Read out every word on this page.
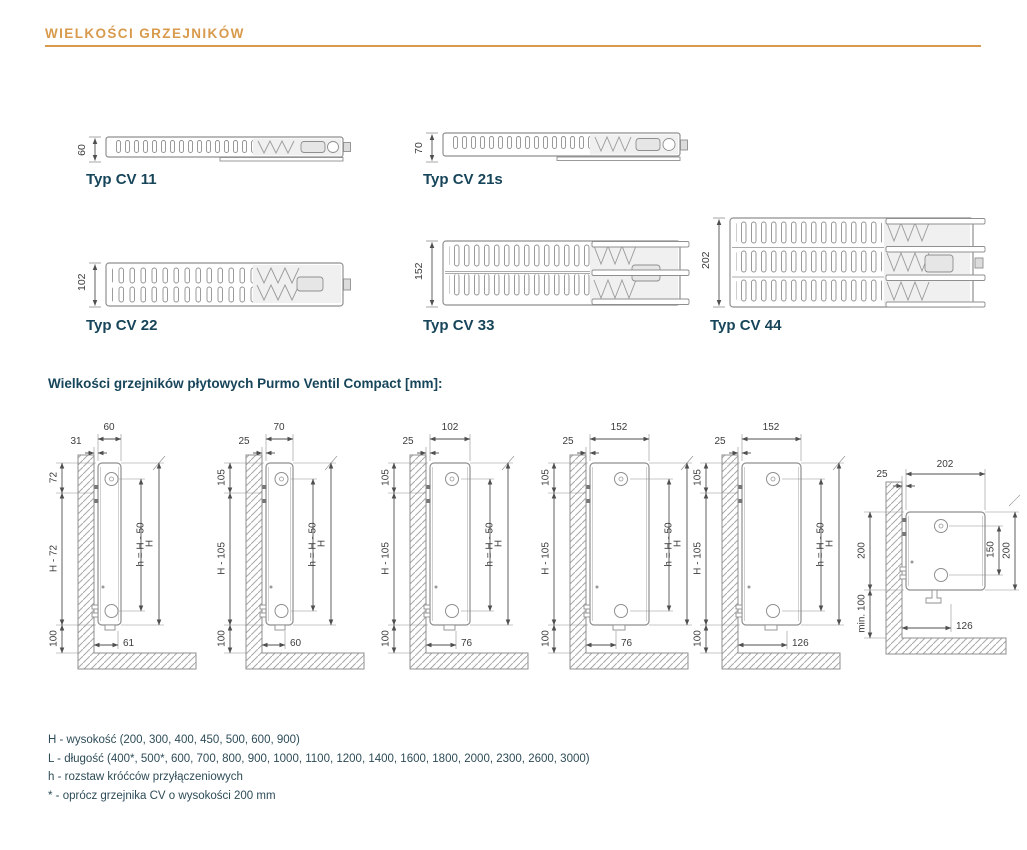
WIELKOŚCI GRZEJNIKÓW
60
Typ CV 11
70
Typ CV 21s
102
Typ CV 22
152
Typ CV 33
202
Typ CV 44
Wielkości grzejników płytowych Purmo Ventil Compact [mm]:
60
31
72
H - 72
100
h = H - 50
H
61
70
25
105
H - 105
100
h = H - 50
H
60
102
25
105
H - 105
100
h = H - 50
H
76
152
25
105
H - 105
100
h = H - 50
H
76
152
25
105
H - 105
100
h = H - 50
H
126
202
25
200
min. 100
150 200
126
H - wysokość (200, 300, 400, 450, 500, 600, 900)
L - długość (400*, 500*, 600, 700, 800, 900, 1000, 1100, 1200, 1400, 1600, 1800, 2000, 2300, 2600, 3000)
h - rozstaw króćców przyłączeniowych
* - oprócz grzejnika CV o wysokości 200 mm
